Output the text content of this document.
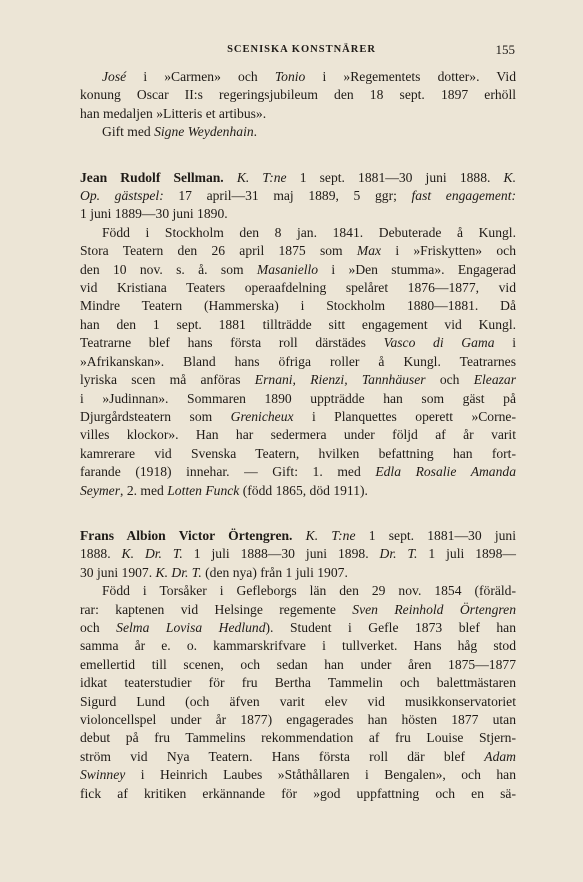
SCENISKA KONSTNÄRER	155
José i »Carmen» och Tonio i »Regementets dotter». Vid
konung Oscar II:s regeringsjubileum den 18 sept. 1897 erhöll
han medaljen »Litteris et artibus».
Gift med Signe Weydenhain.
Jean Rudolf Sellman. K. T:ne 1 sept. 1881—30 juni 1888. K.
Op. gästspel: 17 april—31 maj 1889, 5 ggr; fast engagement:
1 juni 1889—30 juni 1890.
Född i Stockholm den 8 jan. 1841. Debuterade å Kungl.
Stora Teatern den 26 april 1875 som Max i »Friskytten» och
den 10 nov. s. å. som Masaniello i »Den stumma». Engagerad
vid Kristiana Teaters operaafdelning spelåret 1876—1877, vid
Mindre Teatern (Hammerska) i Stockholm 1880—1881. Då
han den 1 sept. 1881 tillträdde sitt engagement vid Kungl.
Teatrarne blef hans första roll därstädes Vasco di Gama i
»Afrikanskan». Bland hans öfriga roller å Kungl. Teatrarnes
lyriska scen må anföras Ernani, Rienzi, Tannhäuser och Eleazar
i »Judinnan». Sommaren 1890 uppträdde han som gäst på
Djurgårdsteatern som Grenicheux i Planquettes operett »Corne-
villes klockor». Han har sedermera under följd af år varit
kamrerare vid Svenska Teatern, hvilken befattning han fort-
farande (1918) innehar. — Gift: 1. med Edla Rosalie Amanda
Seymer, 2. med Lotten Funck (född 1865, död 1911).
Frans Albion Victor Örtengren. K. T:ne 1 sept. 1881—30 juni
1888. K. Dr. T. 1 juli 1888—30 juni 1898. Dr. T. 1 juli 1898—
30 juni 1907. K. Dr. T. (den nya) från 1 juli 1907.
Född i Torsåker i Gefleborgs län den 29 nov. 1854 (föräld-
rar: kaptenen vid Helsinge regemente Sven Reinhold Örtengren
och Selma Lovisa Hedlund). Student i Gefle 1873 blef han
samma år e. o. kammarskrifvare i tullverket. Hans håg stod
emellertid till scenen, och sedan han under åren 1875—1877
idkat teaterstudier för fru Bertha Tammelin och balettmästaren
Sigurd Lund (och äfven varit elev vid musikkonservatoriet
violoncellspel under år 1877) engagerades han hösten 1877 utan
debut på fru Tammelins rekommendation af fru Louise Stjern-
ström vid Nya Teatern. Hans första roll där blef Adam
Swinney i Heinrich Laubes »Ståthållaren i Bengalen», och han
fick af kritiken erkännande för »god uppfattning och en sä-
